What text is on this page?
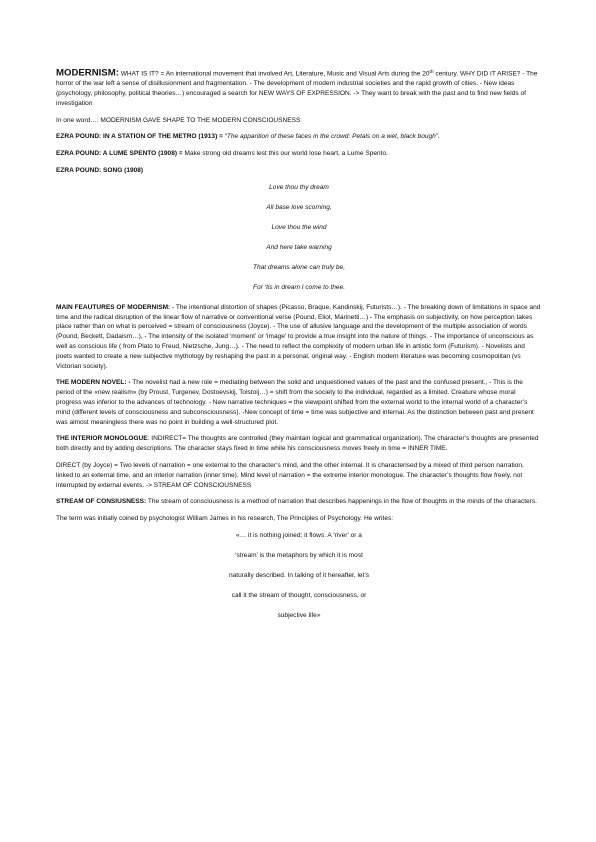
MODERNISM: WHAT IS IT? = An international movement that involved Art, Literature, Music and Visual Arts during the 20th century. WHY DID IT ARISE? - The horror of the war left a sense of disillusionment and fragmentation. - The development of modern industrial societies and the rapid growth of cities. - New ideas (psychology, philosophy, political theories…) encouraged a search for NEW WAYS OF EXPRESSION. -> They want to break with the past and to find new fields of investigation

In one word…: MODERNISM GAVE SHAPE TO THE MODERN CONSCIOUSNESS

EZRA POUND: IN A STATION OF THE METRO (1913) = “The apparition of these faces in the crowd: Petals on a wet, black bough”.

EZRA POUND: A LUME SPENTO (1908) = Make strong old dreams lest this our world lose heart, a Lume Spento.

EZRA POUND: SONG (1908)

Love thou thy dream
All base love scorning,
Love thou the wind
And here take warning
That dreams alone can truly be,
For ‘tis in dream I come to thee.

MAIN FEAUTURES OF MODERNISM: - The intentional distortion of shapes (Picasso, Braque, Kandinskij, Futurists…). - The breaking down of limitations in space and time and the radical disruption of the linear flow of narrative or conventional verse (Pound, Eliot, Marinetti…) - The emphasis on subjectivity, on how perception takes place rather than on what is perceived = stream of consciousness (Joyce). - The use of allusive language and the development of the multiple association of words (Pound, Beckett, Dadaism…), - The intensity of the isolated ‘moment’ or ‘image’ to provide a true insight into the nature of things. - The importance of unconscious as well as conscious life ( from Plato to Freud, Nietzsche, Jung…). - The need to reflect the complexity of modern urban life in artistic form (Futurism). - Novelists and poets wanted to create a new subjective mythology by reshaping the past in a personal, original way. - English modern literature was becoming cosmopolitan (vs Victorian society).

THE MODERN NOVEL: - The novelist had a new role = mediating between the solid and unquestioned values of the past and the confused present., - This is the period of the «new realism» (by Proust, Turgenev, Dostoevskij, Tolstoij…) = shift from the society to the individual, regarded as a limited. Creature whose moral progress was inferior to the advances of technology. - New narrative techniques = the viewpoint shifted from the external world to the internal world of a character’s mind (different levels of consciousness and subconsciousness). -New concept of time = time was subjective and internal. As the distinction between past and present was almost meaningless there was no point in building a well-structured plot.

THE INTERIOR MONOLOGUE: INDIRECT= The thoughts are controlled (they maintain logical and grammatical organization). The character’s thoughts are presented both directly and by adding descriptions. The character stays fixed in time while his consciousness moves freely in time = INNER TIME.

DIRECT (by Joyce) = Two levels of narration = one external to the character’s mind, and the other internal. It is characterised by a mixed of third person narration, linked to an external time, and an interior narration (inner time). Mind level of narration = the extreme interior monologue. The character’s thoughts flow freely, not interrupted by external events. -> STREAM OF CONSCIOUSNESS

STREAM OF CONSIUSNESS: The stream of consciousness is a method of narration that describes happenings in the flow of thoughts in the minds of the characters.

The term was initially coined by psychologist William James in his research, The Principles of Psychology. He writes:

«… it is nothing joined; it flows. A ‘river’ or a
‘stream’ is the metaphors by which it is most
naturally described. In talking of it hereafter, let’s
call it the stream of thought, consciousness, or
subjective life»
